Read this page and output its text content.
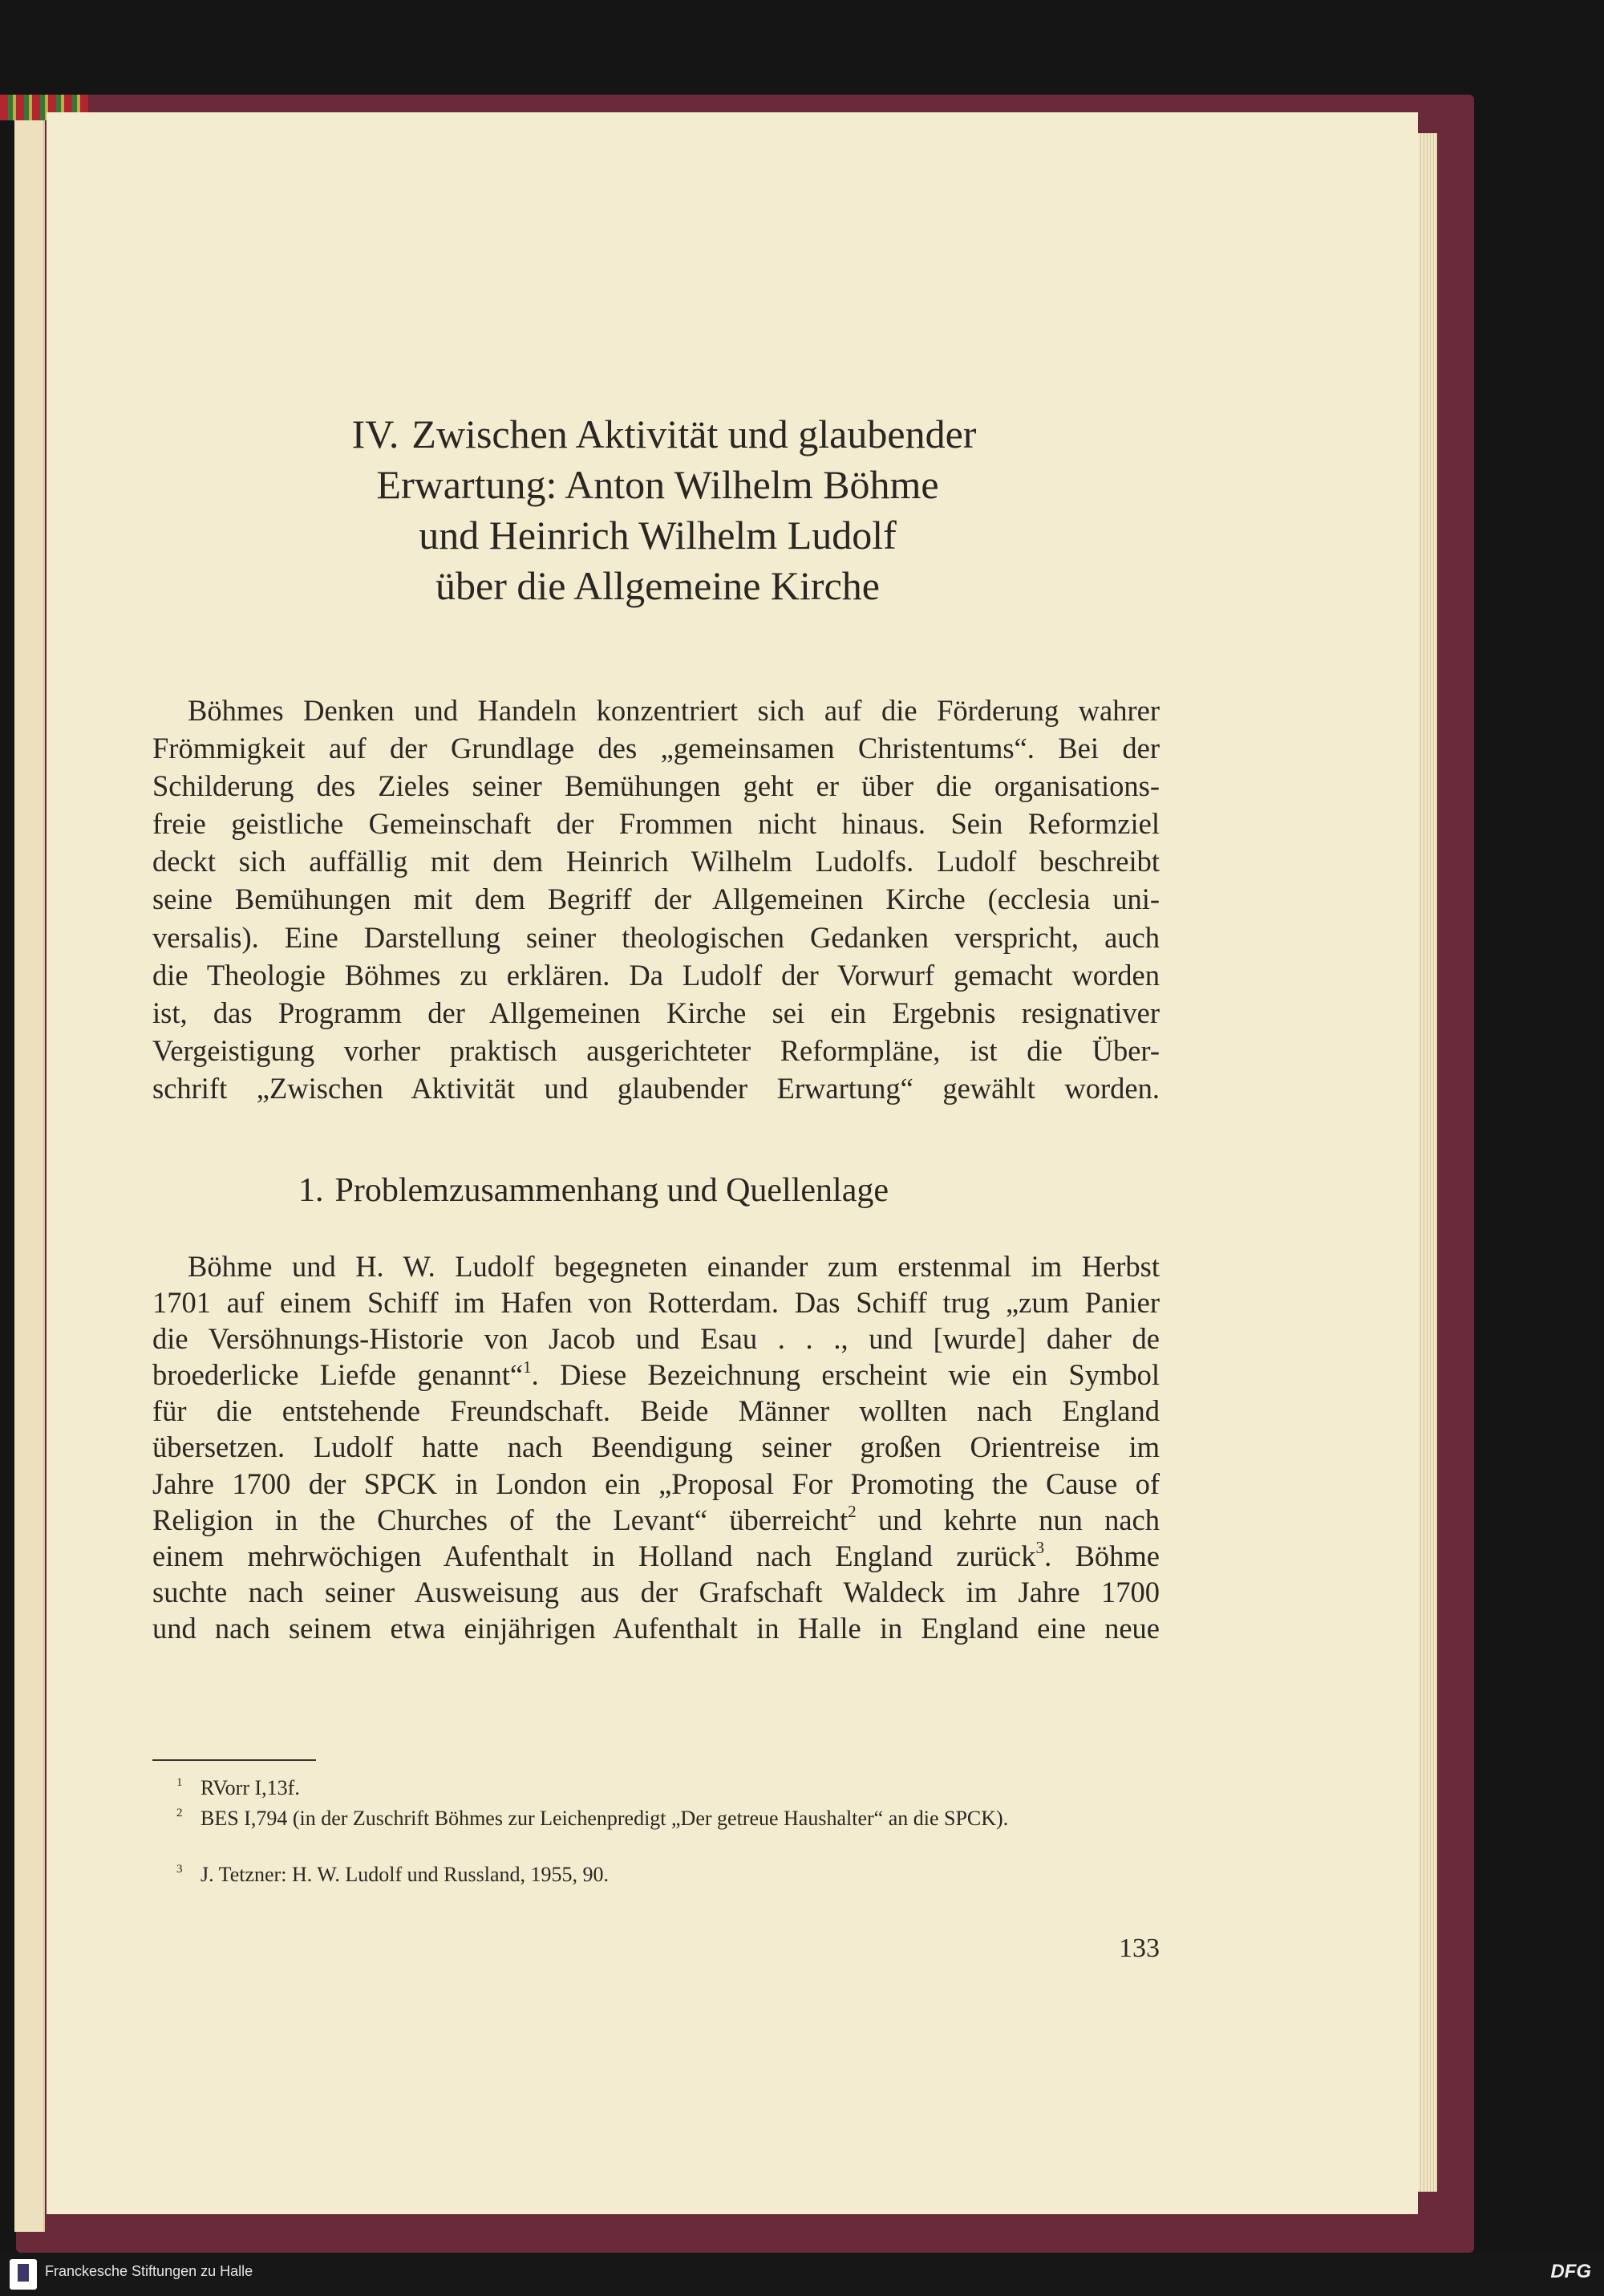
IV. Zwischen Aktivität und glaubender
Erwartung: Anton Wilhelm Böhme
und Heinrich Wilhelm Ludolf
über die Allgemeine Kirche
Böhmes Denken und Handeln konzentriert sich auf die Förderung wahrer
Frömmigkeit auf der Grundlage des „gemeinsamen Christentums“. Bei der
Schilderung des Zieles seiner Bemühungen geht er über die organisations-
freie geistliche Gemeinschaft der Frommen nicht hinaus. Sein Reformziel
deckt sich auffällig mit dem Heinrich Wilhelm Ludolfs. Ludolf beschreibt
seine Bemühungen mit dem Begriff der Allgemeinen Kirche (ecclesia uni-
versalis). Eine Darstellung seiner theologischen Gedanken verspricht, auch
die Theologie Böhmes zu erklären. Da Ludolf der Vorwurf gemacht worden
ist, das Programm der Allgemeinen Kirche sei ein Ergebnis resignativer
Vergeistigung vorher praktisch ausgerichteter Reformpläne, ist die Über-
schrift „Zwischen Aktivität und glaubender Erwartung“ gewählt worden.
1. Problemzusammenhang und Quellenlage
Böhme und H. W. Ludolf begegneten einander zum erstenmal im Herbst
1701 auf einem Schiff im Hafen von Rotterdam. Das Schiff trug „zum Panier
die Versöhnungs-Historie von Jacob und Esau . . ., und [wurde] daher de
broederlicke Liefde genannt“$^1$. Diese Bezeichnung erscheint wie ein Symbol
für die entstehende Freundschaft. Beide Männer wollten nach England
übersetzen. Ludolf hatte nach Beendigung seiner großen Orientreise im
Jahre 1700 der SPCK in London ein „Proposal For Promoting the Cause of
Religion in the Churches of the Levant“ überreicht$^2$ und kehrte nun nach
einem mehrwöchigen Aufenthalt in Holland nach England zurück$^3$. Böhme
suchte nach seiner Ausweisung aus der Grafschaft Waldeck im Jahre 1700
und nach seinem etwa einjährigen Aufenthalt in Halle in England eine neue

$^1$ RVorr I,13f.

$^2$ BES I,794 (in der Zuschrift Böhmes zur Leichenpredigt „Der getreue Haushalter“ an die SPCK).

$^3$ J. Tetzner: H. W. Ludolf und Russland, 1955, 90.

133
Franckesche Stiftungen zu Halle	DFG
